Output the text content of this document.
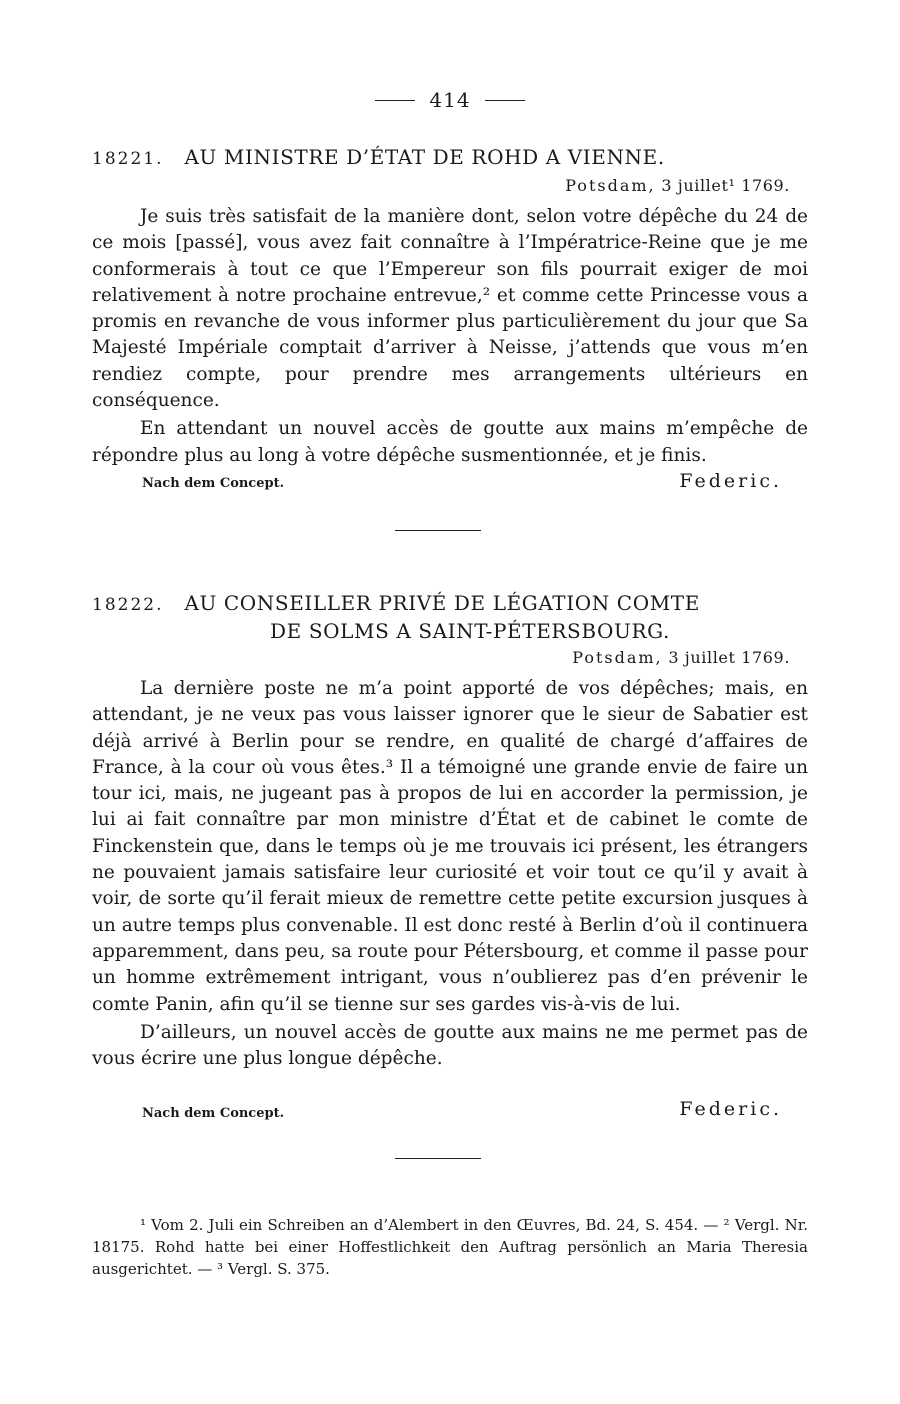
414
18221. AU MINISTRE D’ÉTAT DE ROHD A VIENNE.
Potsdam, 3 juillet¹ 1769.

Je suis très satisfait de la manière dont, selon votre dépêche du 24 de ce mois [passé], vous avez fait connaître à l’Impératrice-Reine que je me conformerais à tout ce que l’Empereur son fils pourrait exiger de moi relativement à notre prochaine entrevue,² et comme cette Princesse vous a promis en revanche de vous informer plus particulièrement du jour que Sa Majesté Impériale comptait d’arriver à Neisse, j’attends que vous m’en rendiez compte, pour prendre mes arrangements ultérieurs en conséquence.

En attendant un nouvel accès de goutte aux mains m’empêche de répondre plus au long à votre dépêche susmentionnée, et je finis.

Nach dem Concept.	Federic.
18222. AU CONSEILLER PRIVÉ DE LÉGATION COMTE
DE SOLMS A SAINT-PÉTERSBOURG.
Potsdam, 3 juillet 1769.

La dernière poste ne m’a point apporté de vos dépêches; mais, en attendant, je ne veux pas vous laisser ignorer que le sieur de Sabatier est déjà arrivé à Berlin pour se rendre, en qualité de chargé d’affaires de France, à la cour où vous êtes.³ Il a témoigné une grande envie de faire un tour ici, mais, ne jugeant pas à propos de lui en accorder la permission, je lui ai fait connaître par mon ministre d’État et de cabinet le comte de Finckenstein que, dans le temps où je me trouvais ici présent, les étrangers ne pouvaient jamais satisfaire leur curiosité et voir tout ce qu’il y avait à voir, de sorte qu’il ferait mieux de remettre cette petite excursion jusques à un autre temps plus convenable. Il est donc resté à Berlin d’où il continuera apparemment, dans peu, sa route pour Pétersbourg, et comme il passe pour un homme extrêmement intrigant, vous n’oublierez pas d’en prévenir le comte Panin, afin qu’il se tienne sur ses gardes vis-à-vis de lui.

D’ailleurs, un nouvel accès de goutte aux mains ne me permet pas de vous écrire une plus longue dépêche.

Nach dem Concept.	Federic.

¹ Vom 2. Juli ein Schreiben an d’Alembert in den Œuvres, Bd. 24, S. 454. — ² Vergl. Nr. 18175. Rohd hatte bei einer Hoffestlichkeit den Auftrag persönlich an Maria Theresia ausgerichtet. — ³ Vergl. S. 375.
